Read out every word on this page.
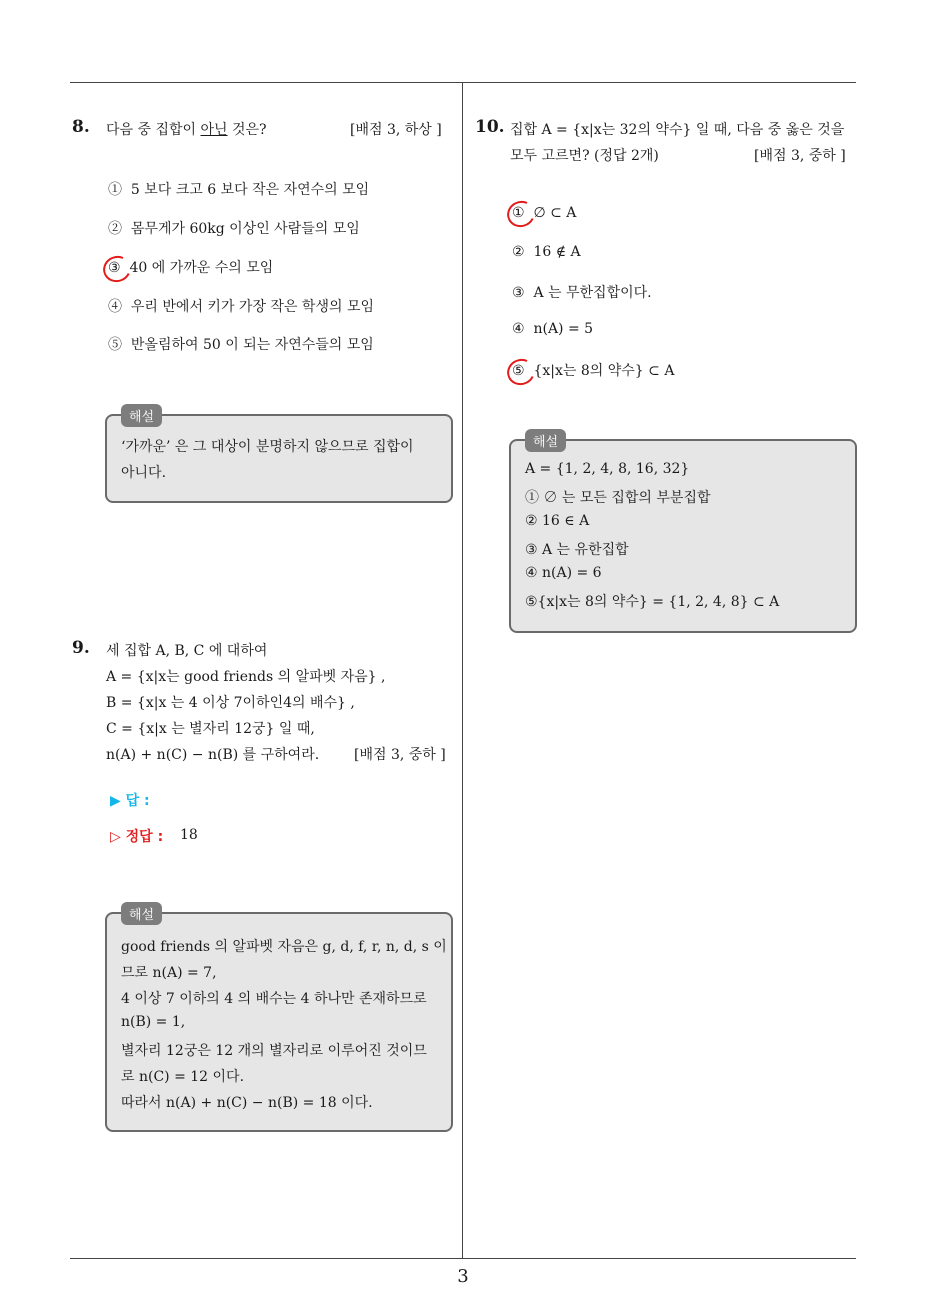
8. 다음 중 집합이 아닌 것은?	[배점 3, 하상 ]
① 5 보다 크고 6 보다 작은 자연수의 모임
② 몸무게가 60kg 이상인 사람들의 모임
③ 40 에 가까운 수의 모임
④ 우리 반에서 키가 가장 작은 학생의 모임
⑤ 반올림하여 50 이 되는 자연수들의 모임
해설
‘가까운’ 은 그 대상이 분명하지 않으므로 집합이
아니다.
9. 세 집합 A, B, C 에 대하여
A = {x|x는 good friends 의 알파벳 자음} ,
B = {x|x 는 4 이상 7이하인4의 배수} ,
C = {x|x 는 별자리 12궁} 일 때,
n(A) + n(C) − n(B) 를 구하여라. [배점 3, 중하 ]
▶ 답 :
▷ 정답 : 18
해설
good friends 의 알파벳 자음은 g, d, f, r, n, d, s 이
므로 n(A) = 7,
4 이상 7 이하의 4 의 배수는 4 하나만 존재하므로
n(B) = 1,
별자리 12궁은 12 개의 별자리로 이루어진 것이므
로 n(C) = 12 이다.
따라서 n(A) + n(C) − n(B) = 18 이다.
10. 집합 A = {x|x는 32의 약수} 일 때, 다음 중 옳은 것을
모두 고르면? (정답 2개)	[배점 3, 중하 ]
① ∅ ⊂ A
② 16 ∉ A
③ A 는 무한집합이다.
④ n(A) = 5
⑤ {x|x는 8의 약수} ⊂ A
해설
A = {1, 2, 4, 8, 16, 32}
① ∅ 는 모든 집합의 부분집합
② 16 ∈ A
③ A 는 유한집합
④ n(A) = 6
⑤{x|x는 8의 약수} = {1, 2, 4, 8} ⊂ A
3
